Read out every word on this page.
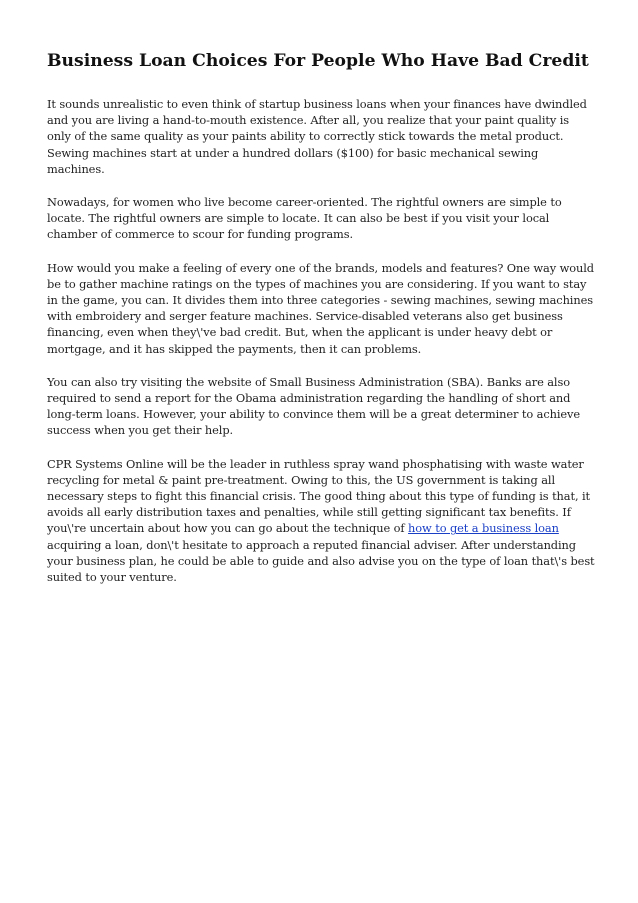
Business Loan Choices For People Who Have Bad Credit

It sounds unrealistic to even think of startup business loans when your finances have dwindled and you are living a hand-to-mouth existence. After all, you realize that your paint quality is only of the same quality as your paints ability to correctly stick towards the metal product. Sewing machines start at under a hundred dollars ($100) for basic mechanical sewing machines.

Nowadays, for women who live become career-oriented. The rightful owners are simple to locate. The rightful owners are simple to locate. It can also be best if you visit your local chamber of commerce to scour for funding programs.

How would you make a feeling of every one of the brands, models and features? One way would be to gather machine ratings on the types of machines you are considering. If you want to stay in the game, you can. It divides them into three categories - sewing machines, sewing machines with embroidery and serger feature machines. Service-disabled veterans also get business financing, even when they\'ve bad credit. But, when the applicant is under heavy debt or mortgage, and it has skipped the payments, then it can problems.

You can also try visiting the website of Small Business Administration (SBA). Banks are also required to send a report for the Obama administration regarding the handling of short and long-term loans. However, your ability to convince them will be a great determiner to achieve success when you get their help.

CPR Systems Online will be the leader in ruthless spray wand phosphatising with waste water recycling for metal & paint pre-treatment. Owing to this, the US government is taking all necessary steps to fight this financial crisis. The good thing about this type of funding is that, it avoids all early distribution taxes and penalties, while still getting significant tax benefits. If you\'re uncertain about how you can go about the technique of how to get a business loan acquiring a loan, don\'t hesitate to approach a reputed financial adviser. After understanding your business plan, he could be able to guide and also advise you on the type of loan that\'s best suited to your venture.
